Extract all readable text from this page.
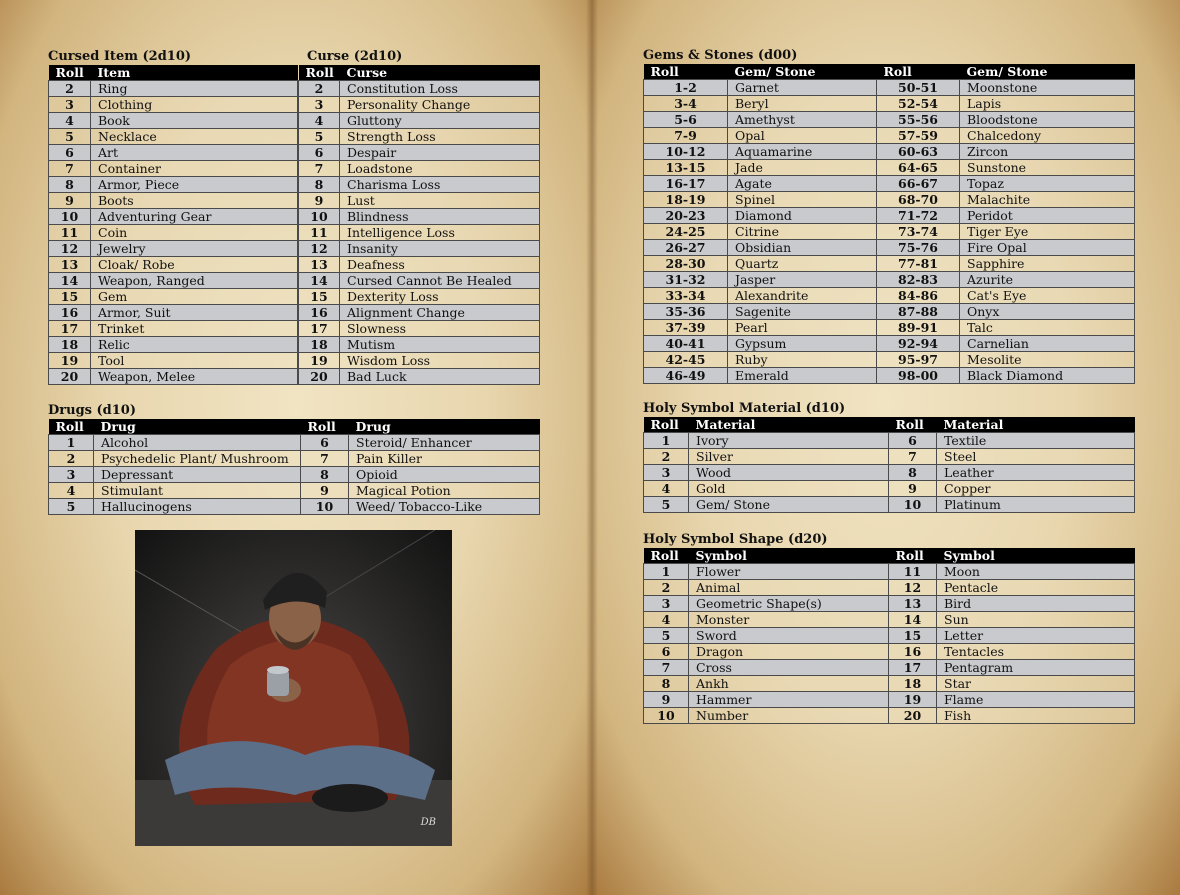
Cursed Item (2d10)
Roll	Item
2	Ring
3	Clothing
4	Book
5	Necklace
6	Art
7	Container
8	Armor, Piece
9	Boots
10	Adventuring Gear
11	Coin
12	Jewelry
13	Cloak/ Robe
14	Weapon, Ranged
15	Gem
16	Armor, Suit
17	Trinket
18	Relic
19	Tool
20	Weapon, Melee
Curse (2d10)
Roll	Curse
2	Constitution Loss
3	Personality Change
4	Gluttony
5	Strength Loss
6	Despair
7	Loadstone
8	Charisma Loss
9	Lust
10	Blindness
11	Intelligence Loss
12	Insanity
13	Deafness
14	Cursed Cannot Be Healed
15	Dexterity Loss
16	Alignment Change
17	Slowness
18	Mutism
19	Wisdom Loss
20	Bad Luck
Drugs (d10)
Roll	Drug	Roll	Drug
1	Alcohol	6	Steroid/ Enhancer
2	Psychedelic Plant/ Mushroom	7	Pain Killer
3	Depressant	8	Opioid
4	Stimulant	9	Magical Potion
5	Hallucinogens	10	Weed/ Tobacco-Like
DB
Gems & Stones (d00)
Roll	Gem/ Stone	Roll	Gem/ Stone
1-2	Garnet	50-51	Moonstone
3-4	Beryl	52-54	Lapis
5-6	Amethyst	55-56	Bloodstone
7-9	Opal	57-59	Chalcedony
10-12	Aquamarine	60-63	Zircon
13-15	Jade	64-65	Sunstone
16-17	Agate	66-67	Topaz
18-19	Spinel	68-70	Malachite
20-23	Diamond	71-72	Peridot
24-25	Citrine	73-74	Tiger Eye
26-27	Obsidian	75-76	Fire Opal
28-30	Quartz	77-81	Sapphire
31-32	Jasper	82-83	Azurite
33-34	Alexandrite	84-86	Cat's Eye
35-36	Sagenite	87-88	Onyx
37-39	Pearl	89-91	Talc
40-41	Gypsum	92-94	Carnelian
42-45	Ruby	95-97	Mesolite
46-49	Emerald	98-00	Black Diamond
Holy Symbol Material (d10)
Roll	Material	Roll	Material
1	Ivory	6	Textile
2	Silver	7	Steel
3	Wood	8	Leather
4	Gold	9	Copper
5	Gem/ Stone	10	Platinum
Holy Symbol Shape (d20)
Roll	Symbol	Roll	Symbol
1	Flower	11	Moon
2	Animal	12	Pentacle
3	Geometric Shape(s)	13	Bird
4	Monster	14	Sun
5	Sword	15	Letter
6	Dragon	16	Tentacles
7	Cross	17	Pentagram
8	Ankh	18	Star
9	Hammer	19	Flame
10	Number	20	Fish
